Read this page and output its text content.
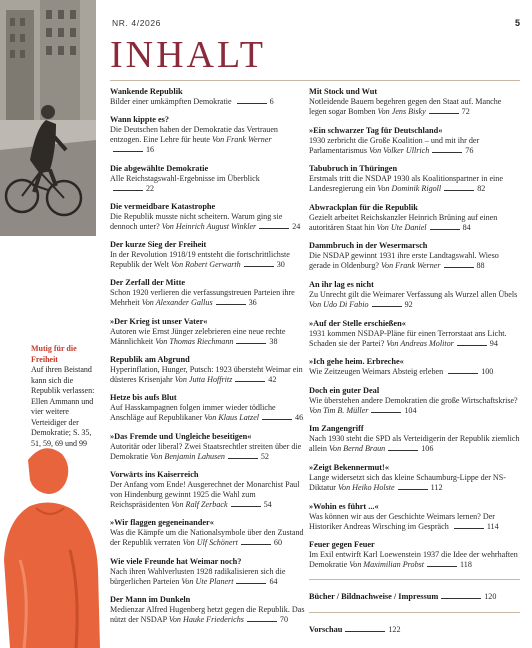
NR. 4/2026	5
INHALT
Mutig für die Freiheit
Auf ihren Beistand kann sich die Republik verlassen: Ellen Ammann und vier weitere Verteidiger der Demokratie; S. 35, 51, 59, 69 und 99
Wankende Republik
Bilder einer umkämpften Demokratie	6
Wann kippte es?
Die Deutschen haben der Demokratie das Vertrauen entzogen. Eine Lehre für heute Von Frank Werner16
Die abgewählte Demokratie
Alle Reichstagswahl-Ergebnisse im Überblick 22
Die vermeidbare Katastrophe
Die Republik musste nicht scheitern. Warum ging sie dennoch unter? Von Heinrich August Winkler	24
Der kurze Sieg der Freiheit
In der Revolution 1918/19 entsteht die fortschrittlichste Republik der Welt Von Robert Gerwarth	30
Der Zerfall der Mitte
Schon 1920 verlieren die verfassungstreuen Parteien ihre Mehrheit Von Alexander Gallus	36
»Der Krieg ist unser Vater«
Autoren wie Ernst Jünger zelebrieren eine neue rechte Männlichkeit Von Thomas Riechmann	38
Republik am Abgrund
Hyperinflation, Hunger, Putsch: 1923 übersteht Weimar ein düsteres Krisenjahr Von Jutta Hoffritz	42
Hetze bis aufs Blut
Auf Hasskampagnen folgen immer wieder tödliche Anschläge auf Republikaner Von Klaus Latzel	46
»Das Fremde und Ungleiche beseitigen«
Autoritär oder liberal? Zwei Staatsrechtler streiten über die Demokratie Von Benjamin Lahusen	52
Vorwärts ins Kaiserreich
Der Anfang vom Ende! Ausgerechnet der Monarchist Paul von Hindenburg gewinnt 1925 die Wahl zum Reichspräsidenten Von Ralf Zerback	54
»Wir flaggen gegeneinander«
Was die Kämpfe um die Nationalsymbole über den Zustand der Republik verraten Von Ulf Schönert	60
Wie viele Freunde hat Weimar noch?
Nach ihren Wahlverlusten 1928 radikalisieren sich die bürgerlichen Parteien Von Ute Planert	64
Der Mann im Dunkeln
Medienzar Alfred Hugenberg hetzt gegen die Republik. Das nützt der NSDAP Von Hauke Friederichs	70
Mit Stock und Wut
Notleidende Bauern begehren gegen den Staat auf. Manche legen sogar Bomben Von Jens Bisky	72
»Ein schwarzer Tag für Deutschland«
1930 zerbricht die Große Koalition – und mit ihr der Parlamentarismus Von Volker Ullrich	76
Tabubruch in Thüringen
Erstmals tritt die NSDAP 1930 als Koalitionspartner in eine Landesregierung ein Von Dominik Rigoll	82
Abwrackplan für die Republik
Gezielt arbeitet Reichskanzler Heinrich Brüning auf einen autoritären Staat hin Von Ute Daniel	84
Dammbruch in der Wesermarsch
Die NSDAP gewinnt 1931 ihre erste Landtagswahl. Wieso gerade in Oldenburg? Von Frank Werner	88
An ihr lag es nicht
Zu Unrecht gilt die Weimarer Verfassung als Wurzel allen Übels Von Udo Di Fabio	92
»Auf der Stelle erschießen«
1931 kommen NSDAP-Pläne für einen Terrorstaat ans Licht. Schaden sie der Partei? Von Andreas Molitor	94
»Ich gehe heim. Erbreche«
Wie Zeitzeugen Weimars Absteig erleben	100
Doch ein guter Deal
Wie überstehen andere Demokratien die große Wirtschaftskrise? Von Tim B. Müller	104
Im Zangengriff
Nach 1930 steht die SPD als Verteidigerin der Republik ziemlich allein Von Bernd Braun	106
»Zeigt Bekennermut!«
Lange widersetzt sich das kleine Schaumburg-Lippe der NS-Diktatur Von Heiko Holste	112
»Wohin es führt ...«
Was können wir aus der Geschichte Weimars lernen? Der Historiker Andreas Wirsching im Gespräch	114
Feuer gegen Feuer
Im Exil entwirft Karl Loewenstein 1937 die Idee der wehrhaften Demokratie Von Maximilian Probst	118
Bücher / Bildnachweise / Impressum	120
Vorschau	122
